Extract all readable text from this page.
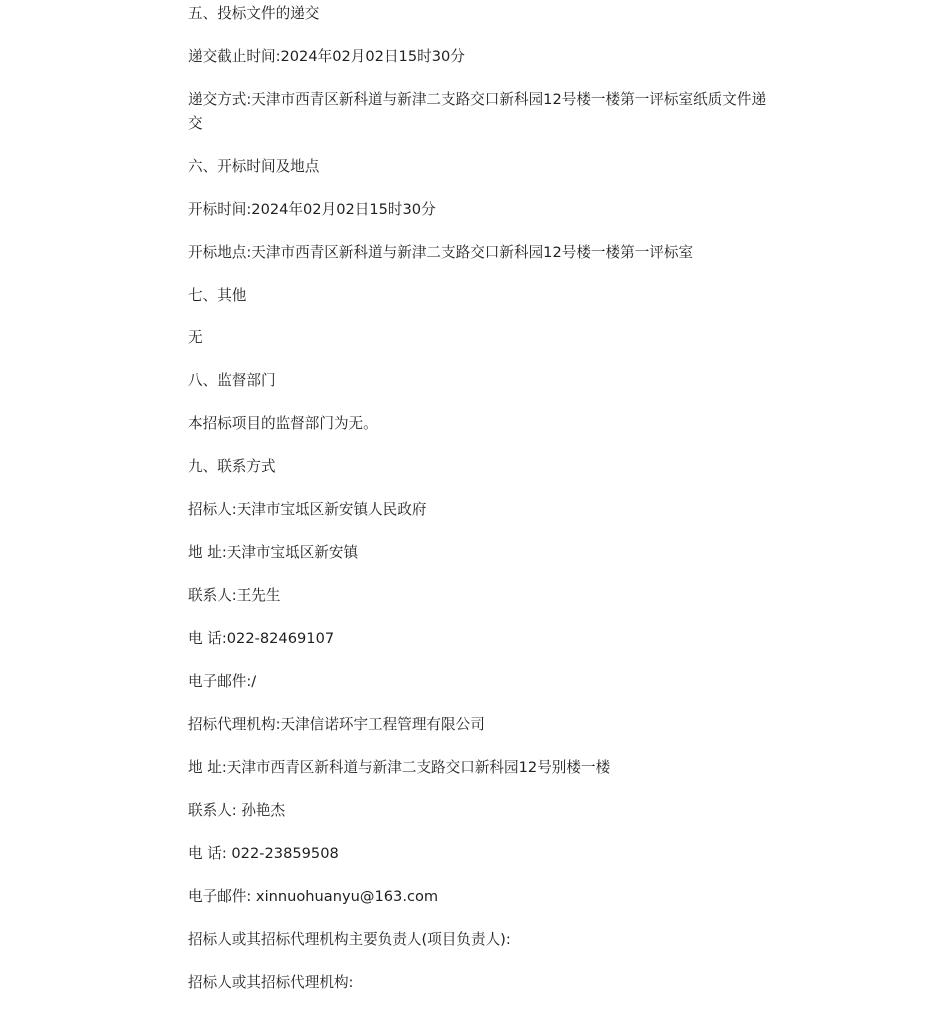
五、投标文件的递交

递交截止时间:2024年02月02日15时30分

递交方式:天津市西青区新科道与新津二支路交口新科园12号楼一楼第一评标室纸质文件递交

六、开标时间及地点

开标时间:2024年02月02日15时30分

开标地点:天津市西青区新科道与新津二支路交口新科园12号楼一楼第一评标室

七、其他

无

八、监督部门

本招标项目的监督部门为无。

九、联系方式

招标人:天津市宝坻区新安镇人民政府

地 址:天津市宝坻区新安镇

联系人:王先生

电 话:022-82469107

电子邮件:/

招标代理机构:天津信诺环宇工程管理有限公司

地 址:天津市西青区新科道与新津二支路交口新科园12号别楼一楼

联系人: 孙艳杰

电 话: 022-23859508

电子邮件: xinnuohuanyu@163.com

招标人或其招标代理机构主要负责人(项目负责人):

招标人或其招标代理机构:
